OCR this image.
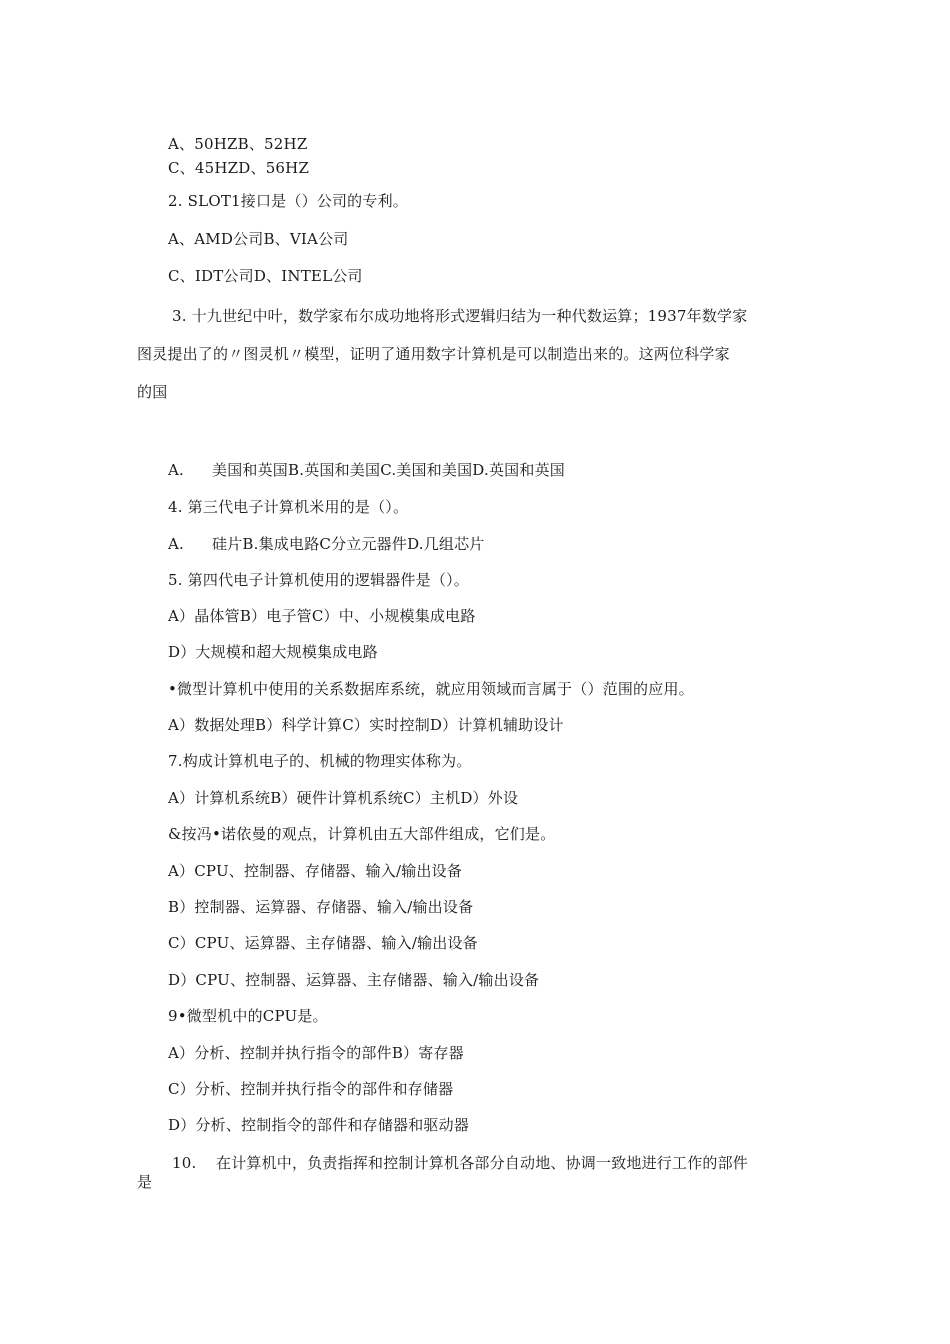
A、50HZB、52HZ
C、45HZD、56HZ
2. SLOT1接口是（）公司的专利。
A、AMD公司B、VIA公司
C、IDT公司D、INTEL公司
3. 十九世纪中叶，数学家布尔成功地将形式逻辑归结为一种代数运算；1937年数学家
图灵提出了的〃图灵机〃模型，证明了通用数字计算机是可以制造出来的。这两位科学家
的国
A. 美国和英国B.英国和美国C.美国和美国D.英国和英国
4. 第三代电子计算机米用的是（）。
A. 硅片B.集成电路C分立元器件D.几组芯片
5. 第四代电子计算机使用的逻辑器件是（）。
A）晶体管B）电子管C）中、小规模集成电路
D）大规模和超大规模集成电路
•微型计算机中使用的关系数据库系统，就应用领域而言属于（）范围的应用。
A）数据处理B）科学计算C）实时控制D）计算机辅助设计
7.构成计算机电子的、机械的物理实体称为。
A）计算机系统B）硬件计算机系统C）主机D）外设
&按冯•诺依曼的观点，计算机由五大部件组成，它们是。
A）CPU、控制器、存储器、输入/输出设备
B）控制器、运算器、存储器、输入/输出设备
C）CPU、运算器、主存储器、输入/输出设备
D）CPU、控制器、运算器、主存储器、输入/输出设备
9•微型机中的CPU是。
A）分析、控制并执行指令的部件B）寄存器
C）分析、控制并执行指令的部件和存储器
D）分析、控制指令的部件和存储器和驱动器
10. 在计算机中，负责指挥和控制计算机各部分自动地、协调一致地进行工作的部件
是
